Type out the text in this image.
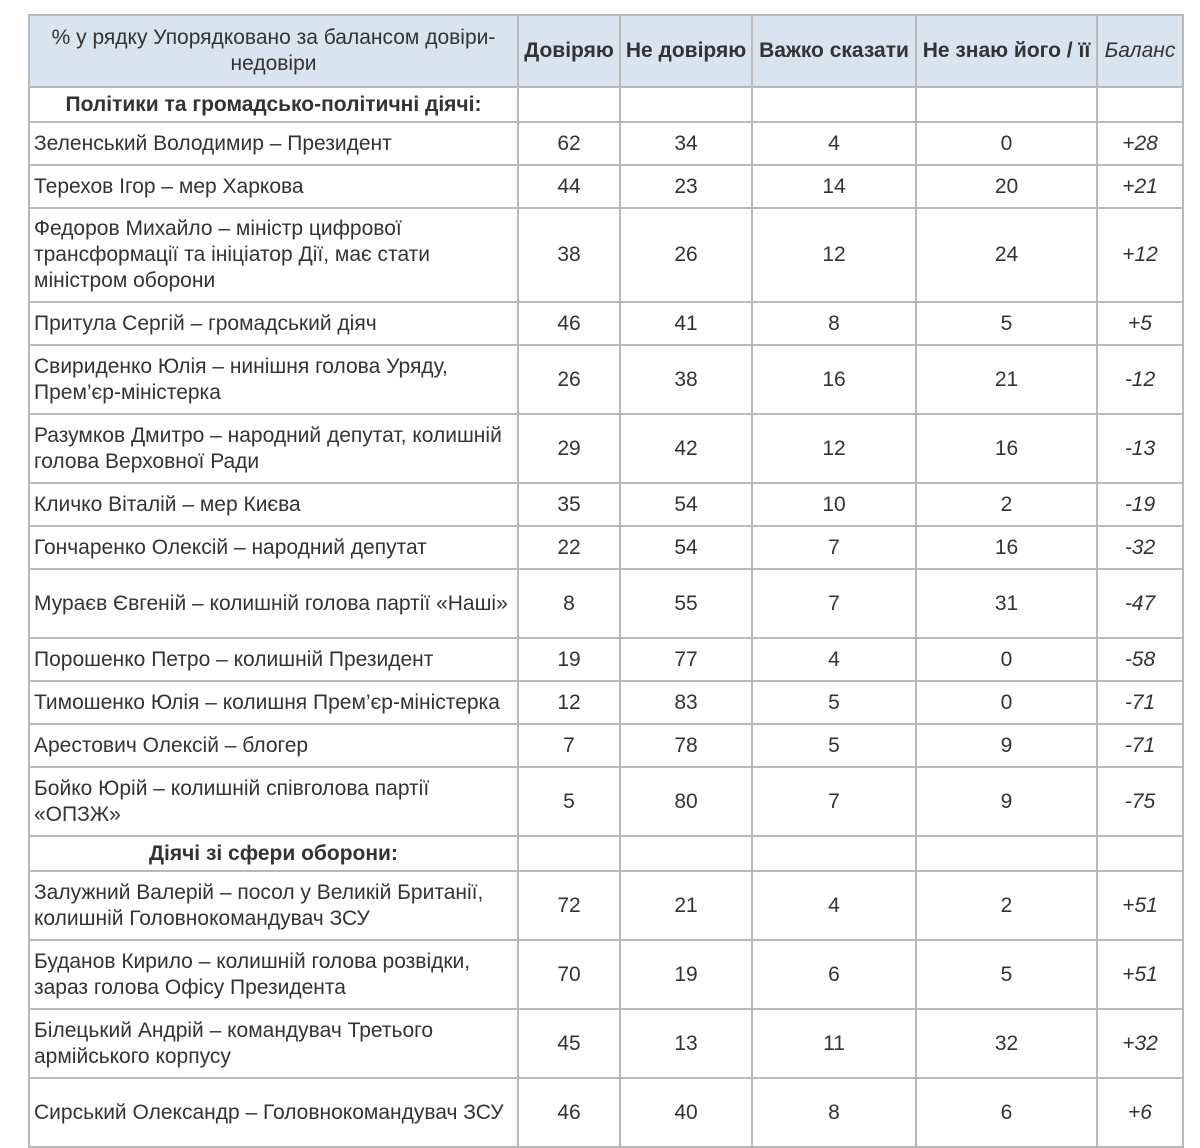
% у рядку Упорядковано за балансом довіри-недовіри	Довіряю	Не довіряю	Важко сказати	Не знаю його / її	Баланс
Політики та громадсько-політичні діячі:					
Зеленський Володимир – Президент	62	34	4	0	+28
Терехов Ігор – мер Харкова	44	23	14	20	+21
Федоров Михайло – міністр цифрової трансформації та ініціатор Дії, має стати міністром оборони	38	26	12	24	+12
Притула Сергій – громадський діяч	46	41	8	5	+5
Свириденко Юлія – нинішня голова Уряду, Прем’єр-міністерка	26	38	16	21	-12
Разумков Дмитро – народний депутат, колишній голова Верховної Ради	29	42	12	16	-13
Кличко Віталій – мер Києва	35	54	10	2	-19
Гончаренко Олексій – народний депутат	22	54	7	16	-32
Мураєв Євгеній – колишній голова партії «Наші»	8	55	7	31	-47
Порошенко Петро – колишній Президент	19	77	4	0	-58
Тимошенко Юлія – колишня Прем’єр-міністерка	12	83	5	0	-71
Арестович Олексій – блогер	7	78	5	9	-71
Бойко Юрій – колишній співголова партії «ОПЗЖ»	5	80	7	9	-75
Діячі зі сфери оборони:					
Залужний Валерій – посол у Великій Британії, колишній Головнокомандувач ЗСУ	72	21	4	2	+51
Буданов Кирило – колишній голова розвідки, зараз голова Офісу Президента	70	19	6	5	+51
Білецький Андрій – командувач Третього армійського корпусу	45	13	11	32	+32
Сирський Олександр – Головнокомандувач ЗСУ	46	40	8	6	+6
